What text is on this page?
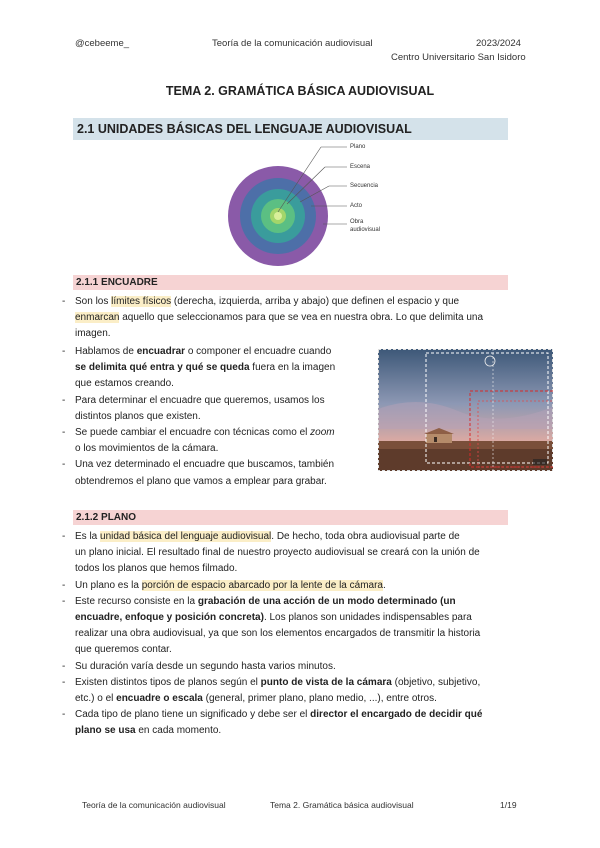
@cebeeme_	Teoría de la comunicación audiovisual	2023/2024
Centro Universitario San Isidoro
TEMA 2. GRAMÁTICA BÁSICA AUDIOVISUAL
2.1 UNIDADES BÁSICAS DEL LENGUAJE AUDIOVISUAL
Plano
Escena
Secuencia
Acto
Obra audiovisual
2.1.1 ENCUADRE
- Son los límites físicos (derecha, izquierda, arriba y abajo) que definen el espacio y que
enmarcan aquello que seleccionamos para que se vea en nuestra obra. Lo que delimita una
imagen.
- Hablamos de encuadrar o componer el encuadre cuando
se delimita qué entra y qué se queda fuera en la imagen
que estamos creando.
- Para determinar el encuadre que queremos, usamos los
distintos planos que existen.
- Se puede cambiar el encuadre con técnicas como el zoom
o los movimientos de la cámara.
- Una vez determinado el encuadre que buscamos, también
obtendremos el plano que vamos a emplear para grabar.
2.1.2 PLANO
- Es la unidad básica del lenguaje audiovisual. De hecho, toda obra audiovisual parte de
un plano inicial. El resultado final de nuestro proyecto audiovisual se creará con la unión de
todos los planos que hemos filmado.
- Un plano es la porción de espacio abarcado por la lente de la cámara.
- Este recurso consiste en la grabación de una acción de un modo determinado (un
encuadre, enfoque y posición concreta). Los planos son unidades indispensables para
realizar una obra audiovisual, ya que son los elementos encargados de transmitir la historia
que queremos contar.
- Su duración varía desde un segundo hasta varios minutos.
- Existen distintos tipos de planos según el punto de vista de la cámara (objetivo, subjetivo,
etc.) o el encuadre o escala (general, primer plano, plano medio, ...), entre otros.
- Cada tipo de plano tiene un significado y debe ser el director el encargado de decidir qué
plano se usa en cada momento.
Teoría de la comunicación audiovisual	Tema 2. Gramática básica audiovisual	1/19
